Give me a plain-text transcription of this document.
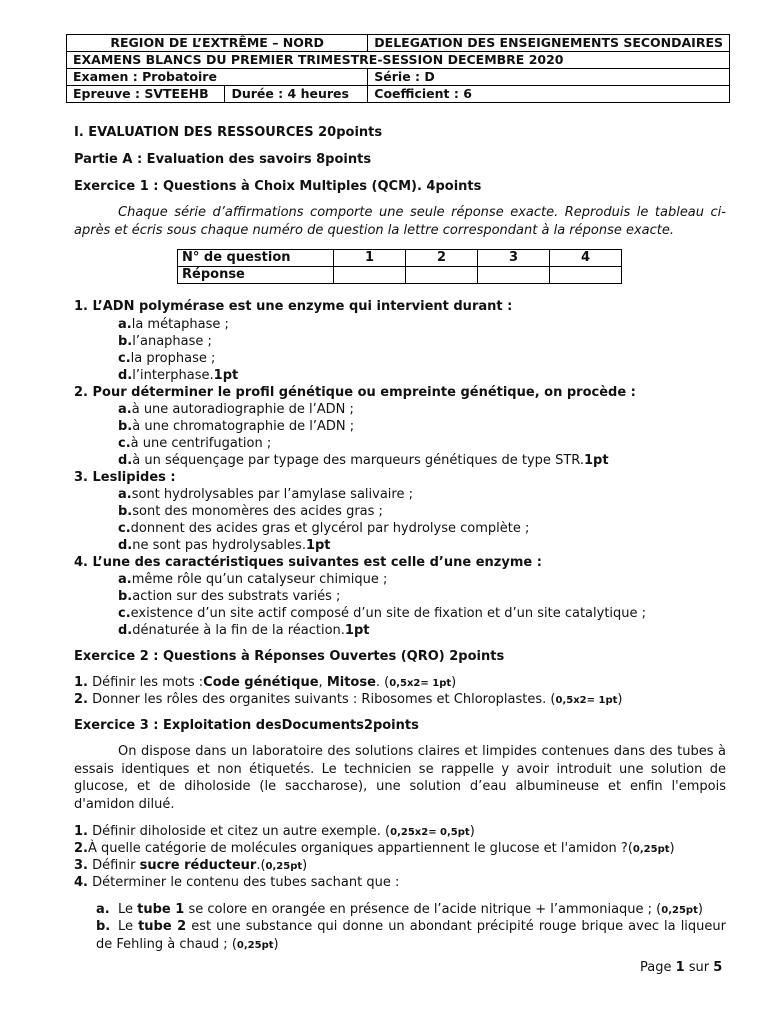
REGION DE L’EXTRÊME – NORD		DELEGATION DES ENSEIGNEMENTS SECONDAIRES
EXAMENS BLANCS DU PREMIER TRIMESTRE-SESSION DECEMBRE 2020		
Examen : Probatoire		Série : D
Epreuve : SVTEEHB	Durée : 4 heures	Coefficient : 6
I. EVALUATION DES RESSOURCES 20points
Partie A : Evaluation des savoirs 8points
Exercice 1 : Questions à Choix Multiples (QCM). 4points
Chaque série d’affirmations comporte une seule réponse exacte. Reproduis le tableau ci-après et écris sous chaque numéro de question la lettre correspondant à la réponse exacte.
N° de question	1	2	3	4
Réponse				
1. L’ADN polymérase est une enzyme qui intervient durant :
a.la métaphase ;
b.l’anaphase ;
c.la prophase ;
d.l’interphase.1pt
2. Pour déterminer le profil génétique ou empreinte génétique, on procède :
a.à une autoradiographie de l’ADN ;
b.à une chromatographie de l’ADN ;
c.à une centrifugation ;
d.à un séquençage par typage des marqueurs génétiques de type STR.1pt
3. Leslipides :
a.sont hydrolysables par l’amylase salivaire ;
b.sont des monomères des acides gras ;
c.donnent des acides gras et glycérol par hydrolyse complète ;
d.ne sont pas hydrolysables.1pt
4. L’une des caractéristiques suivantes est celle d’une enzyme :
a.même rôle qu’un catalyseur chimique ;
b.action sur des substrats variés ;
c.existence d’un site actif composé d’un site de fixation et d’un site catalytique ;
d.dénaturée à la fin de la réaction.1pt
Exercice 2 : Questions à Réponses Ouvertes (QRO) 2points
1. Définir les mots :Code génétique, Mitose. (0,5x2= 1pt)
2. Donner les rôles des organites suivants : Ribosomes et Chloroplastes. (0,5x2= 1pt)
Exercice 3 : Exploitation desDocuments2points
On dispose dans un laboratoire des solutions claires et limpides contenues dans des tubes à essais identiques et non étiquetés. Le technicien se rappelle y avoir introduit une solution de glucose, et de diholoside (le saccharose), une solution d’eau albumineuse et enfin l'empois d'amidon dilué.
1. Définir diholoside et citez un autre exemple. (0,25x2= 0,5pt)
2.À quelle catégorie de molécules organiques appartiennent le glucose et l'amidon ?(0,25pt)
3. Définir sucre réducteur.(0,25pt)
4. Déterminer le contenu des tubes sachant que :
a. Le tube 1 se colore en orangée en présence de l’acide nitrique + l’ammoniaque ; (0,25pt)
b. Le tube 2 est une substance qui donne un abondant précipité rouge brique avec la liqueur de Fehling à chaud ; (0,25pt)
Page 1 sur 5
